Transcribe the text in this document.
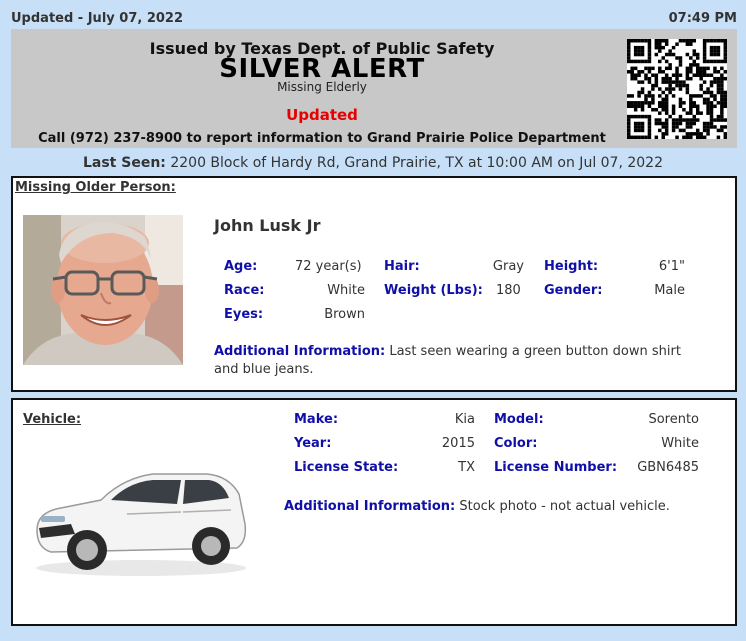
Updated - July 07, 2022	07:49 PM
Issued by Texas Dept. of Public Safety
SILVER ALERT
Missing Elderly
Updated
Call (972) 237-8900 to report information to Grand Prairie Police Department
Last Seen: 2200 Block of Hardy Rd, Grand Prairie, TX at 10:00 AM on Jul 07, 2022
Missing Older Person:
John Lusk Jr
Age:	72 year(s) Hair:	Gray Height:	6'1"
Race:	White Weight (Lbs): 180 Gender:	Male
Eyes:	Brown
Additional Information: Last seen wearing a green button down shirt and blue jeans.
Vehicle:	Make:	Kia Model:	Sorento
Year:	2015 Color:	White
License State:	TX License Number:	GBN6485
Additional Information: Stock photo - not actual vehicle.
